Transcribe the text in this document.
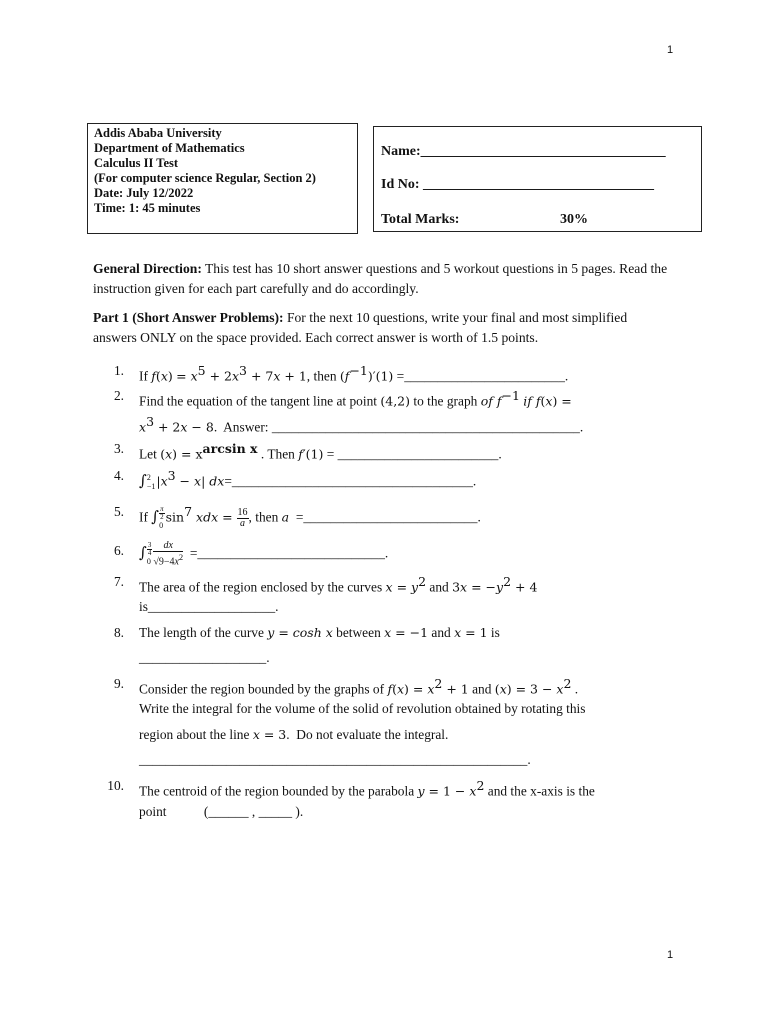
1
1
Addis Ababa University
Department of Mathematics
Calculus II Test
(For computer science Regular, Section 2)
Date: July 12/2022
Time: 1: 45 minutes
Name:___________________________________
Id No: _________________________________
Total Marks:	30%
General Direction: This test has 10 short answer questions and 5 workout questions in 5 pages. Read the instruction given for each part carefully and do accordingly.
Part 1 (Short Answer Problems): For the next 10 questions, write your final and most simplified answers ONLY on the space provided. Each correct answer is worth of 1.5 points.
1. If $f(x) = x^5 + 2x^3 + 7x + 1$, then $(f^{-1})'(1)$ =________________________.
2. Find the equation of the tangent line at point (4,2) to the graph of $f^{-1}$ if f(x) =
$x^3 + 2x - 8$.  Answer: ______________________________________________.
3. Let $(x) = x^{arcsin x}$ . Then f′(1) = ________________________.
4. ∫ 2
−1 $|x^3 - x|$ dx=____________________________________.
5. If ∫ $\frac{\pi}{2}$
0
$\sin^7$ xdx = $\frac{16}{a}$ , then a =__________________________.
6. ∫ $\frac{3}{4}$
$0 \frac{dx}{√9-4x^2}$ =____________________________.
7. The area of the region enclosed by the curves $x = y^2$ and $3x = -y^2 + 4$
is___________________.
8. The length of the curve y = cosh x between x = −1 and x = 1 is
___________________.
9. Consider the region bounded by the graphs of $f(x) = x^2 + 1$ and $(x) = 3 - x^2$ .
Write the integral for the volume of the solid of revolution obtained by rotating this
region about the line x = 3.  Do not evaluate the integral.
__________________________________________________________.
10. The centroid of the region bounded by the parabola $y = 1 - x^2$ and the x-axis is the
point	(______ , _____ ).
